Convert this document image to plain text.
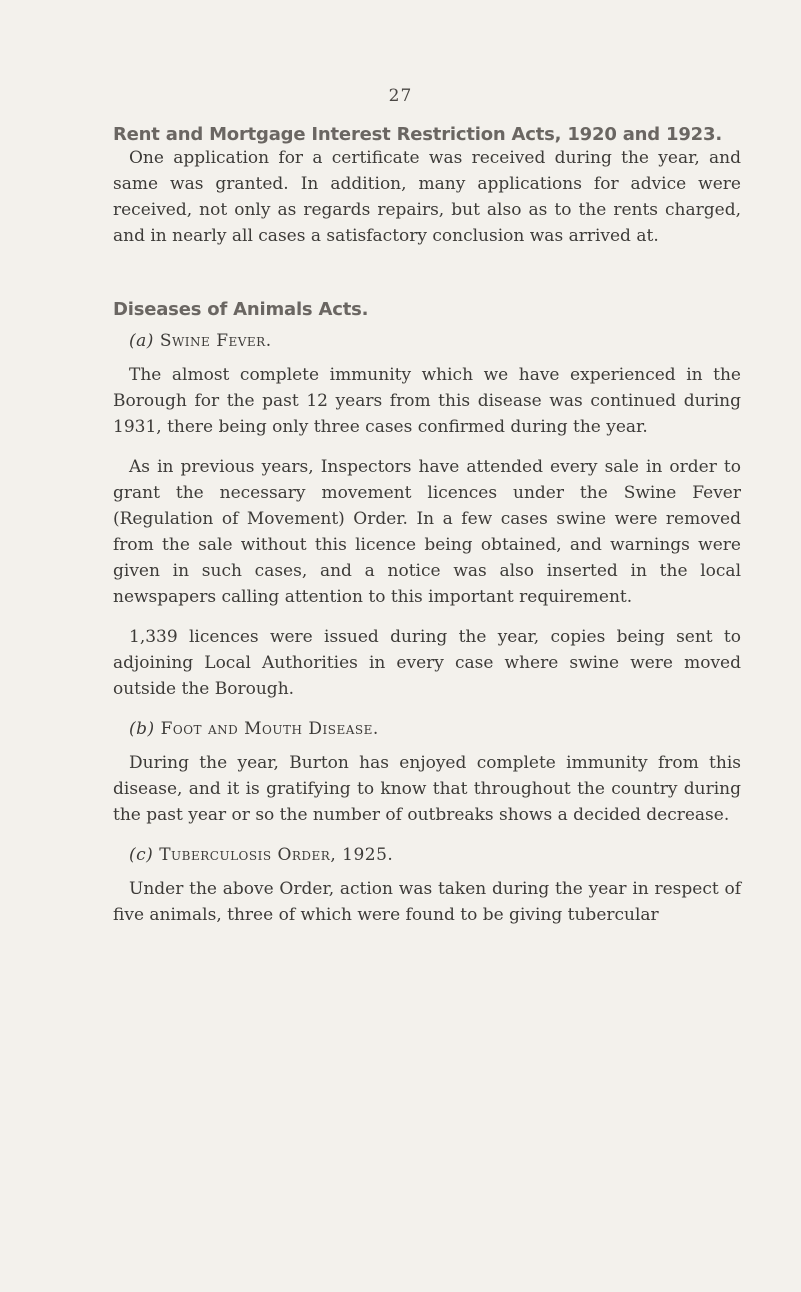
27
Rent and Mortgage Interest Restriction Acts, 1920 and 1923.

One application for a certificate was received during the year, and same was granted. In addition, many applications for advice were received, not only as regards repairs, but also as to the rents charged, and in nearly all cases a satisfactory conclusion was arrived at.

Diseases of Animals Acts.
(a) Swine Fever.

The almost complete immunity which we have experienced in the Borough for the past 12 years from this disease was continued during 1931, there being only three cases confirmed during the year.

As in previous years, Inspectors have attended every sale in order to grant the necessary movement licences under the Swine Fever (Regulation of Movement) Order. In a few cases swine were removed from the sale without this licence being obtained, and warnings were given in such cases, and a notice was also inserted in the local newspapers calling attention to this important requirement.

1,339 licences were issued during the year, copies being sent to adjoining Local Authorities in every case where swine were moved outside the Borough.

(b) Foot and Mouth Disease.

During the year, Burton has enjoyed complete immunity from this disease, and it is gratifying to know that throughout the country during the past year or so the number of outbreaks shows a decided decrease.

(c) Tuberculosis Order, 1925.

Under the above Order, action was taken during the year in respect of five animals, three of which were found to be giving tubercular
